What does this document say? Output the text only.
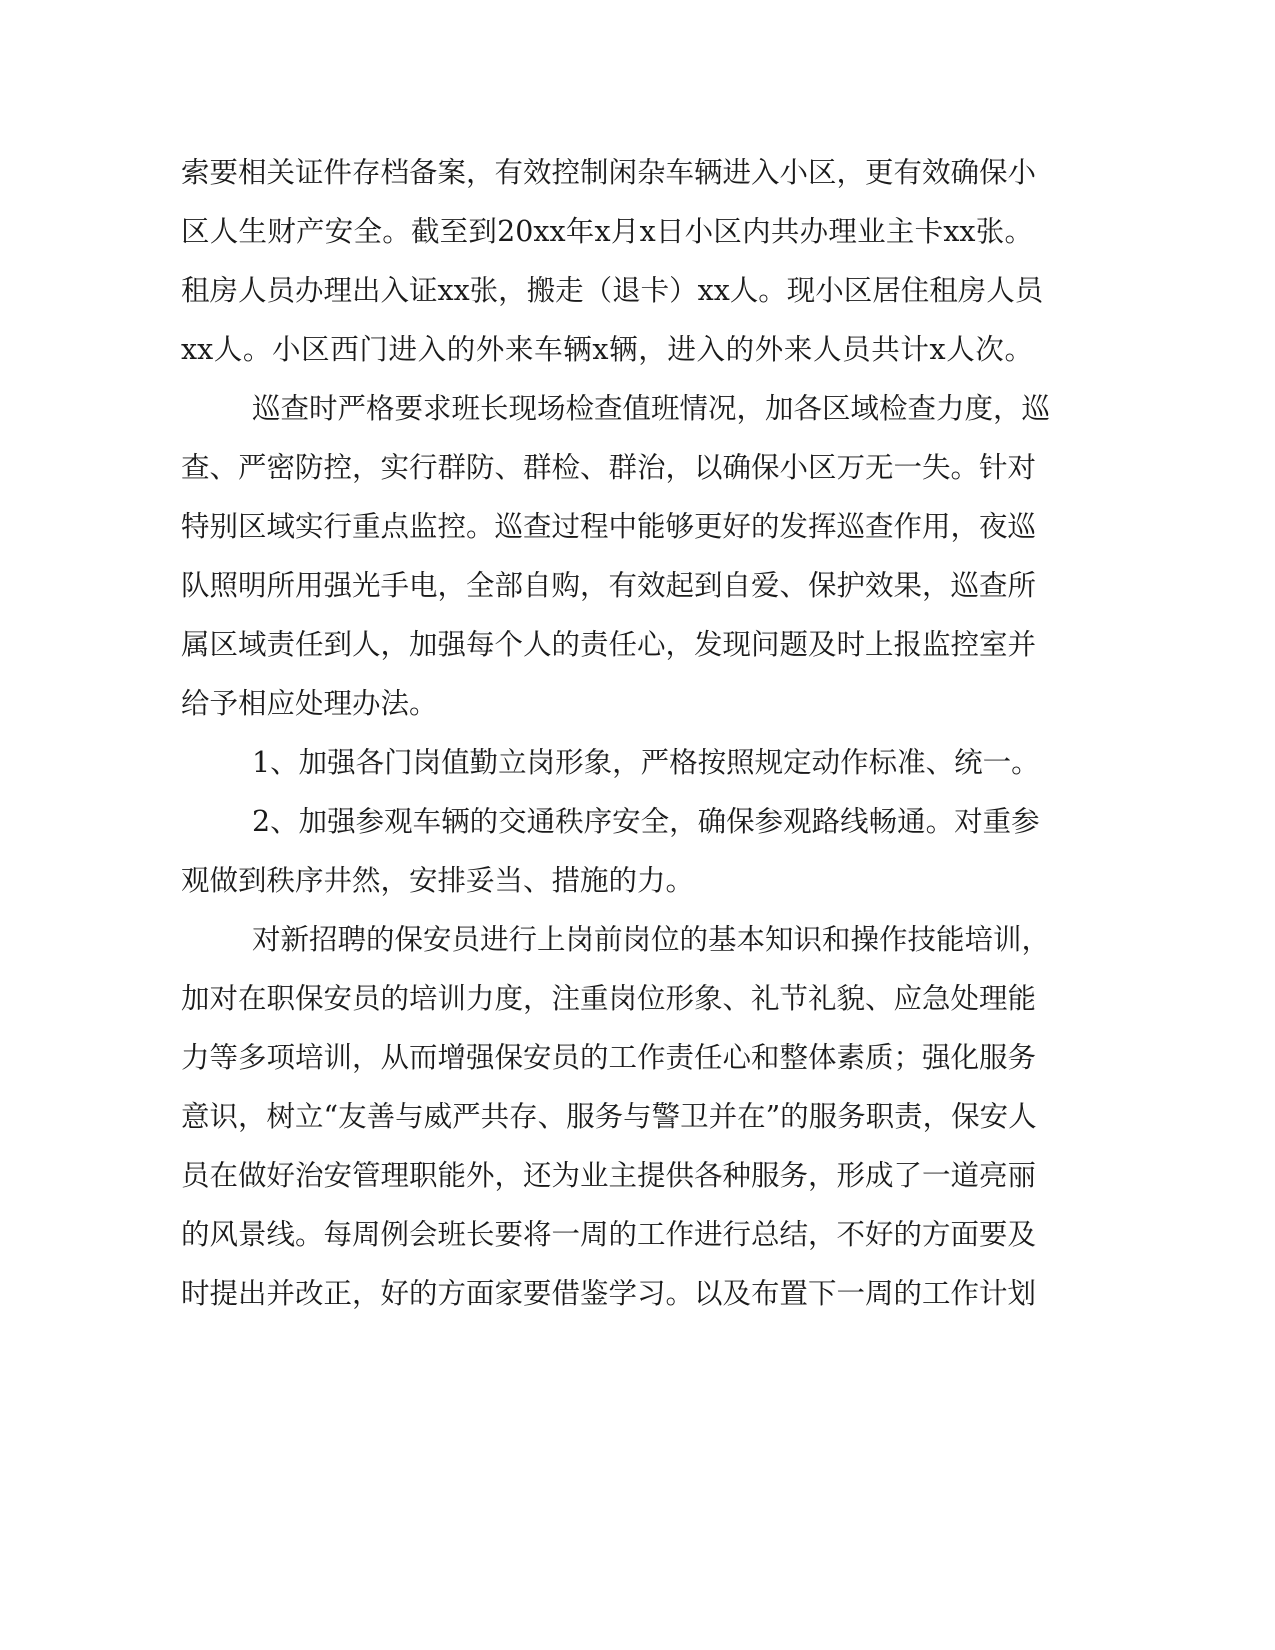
索要相关证件存档备案，有效控制闲杂车辆进入小区，更有效确保小
区人生财产安全。截至到20xx年x月x日小区内共办理业主卡xx张。
租房人员办理出入证xx张，搬走（退卡）xx人。现小区居住租房人员
xx人。小区西门进入的外来车辆x辆，进入的外来人员共计x人次。
巡查时严格要求班长现场检查值班情况，加各区域检查力度，巡
查、严密防控，实行群防、群检、群治，以确保小区万无一失。针对
特别区域实行重点监控。巡查过程中能够更好的发挥巡查作用，夜巡
队照明所用强光手电，全部自购，有效起到自爱、保护效果，巡查所
属区域责任到人，加强每个人的责任心，发现问题及时上报监控室并
给予相应处理办法。
1、加强各门岗值勤立岗形象，严格按照规定动作标准、统一。
2、加强参观车辆的交通秩序安全，确保参观路线畅通。对重参
观做到秩序井然，安排妥当、措施的力。
对新招聘的保安员进行上岗前岗位的基本知识和操作技能培训，
加对在职保安员的培训力度，注重岗位形象、礼节礼貌、应急处理能
力等多项培训，从而增强保安员的工作责任心和整体素质；强化服务
意识，树立“友善与威严共存、服务与警卫并在”的服务职责，保安人
员在做好治安管理职能外，还为业主提供各种服务，形成了一道亮丽
的风景线。每周例会班长要将一周的工作进行总结，不好的方面要及
时提出并改正，好的方面家要借鉴学习。以及布置下一周的工作计划
